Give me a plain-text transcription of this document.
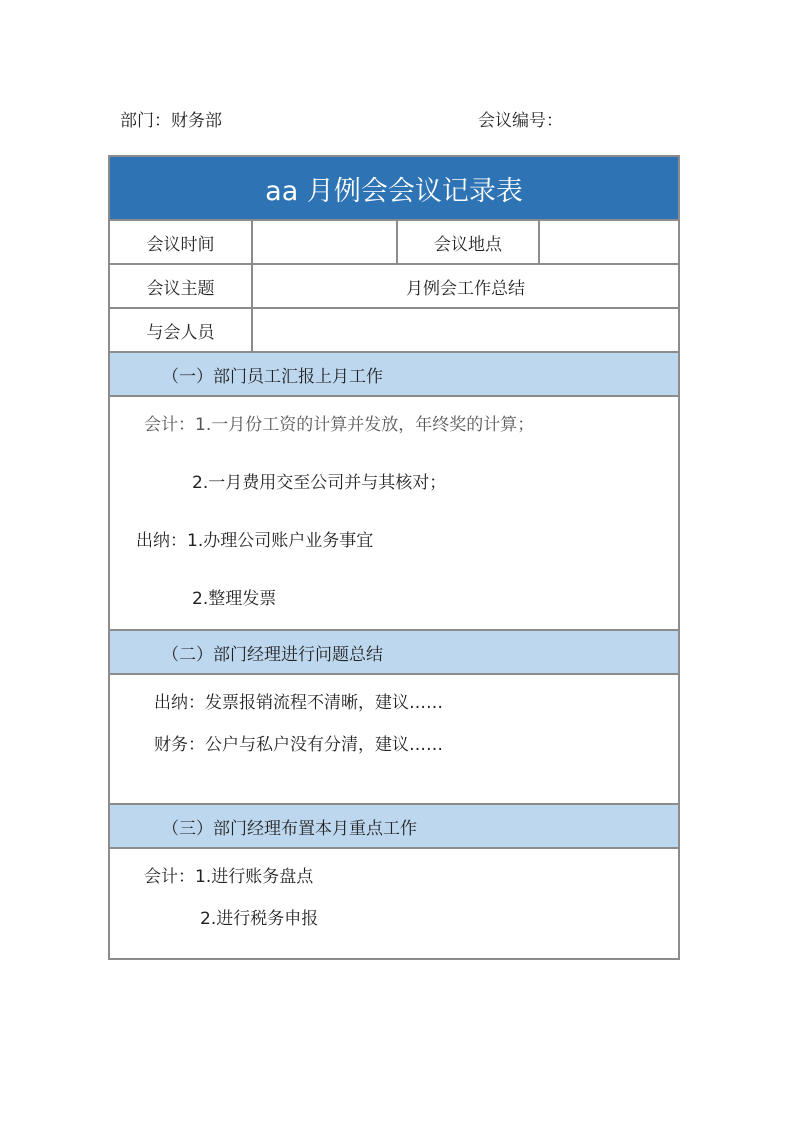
部门：财务部	会议编号：
aa 月例会会议记录表
会议时间	会议地点
会议主题	月例会工作总结
与会人员
（一）部门员工汇报上月工作
会计：1.一月份工资的计算并发放，年终奖的计算；
2.一月费用交至公司并与其核对；
出纳：1.办理公司账户业务事宜
2.整理发票
（二）部门经理进行问题总结
出纳：发票报销流程不清晰，建议……
财务：公户与私户没有分清，建议……
（三）部门经理布置本月重点工作
会计：1.进行账务盘点
2.进行税务申报
